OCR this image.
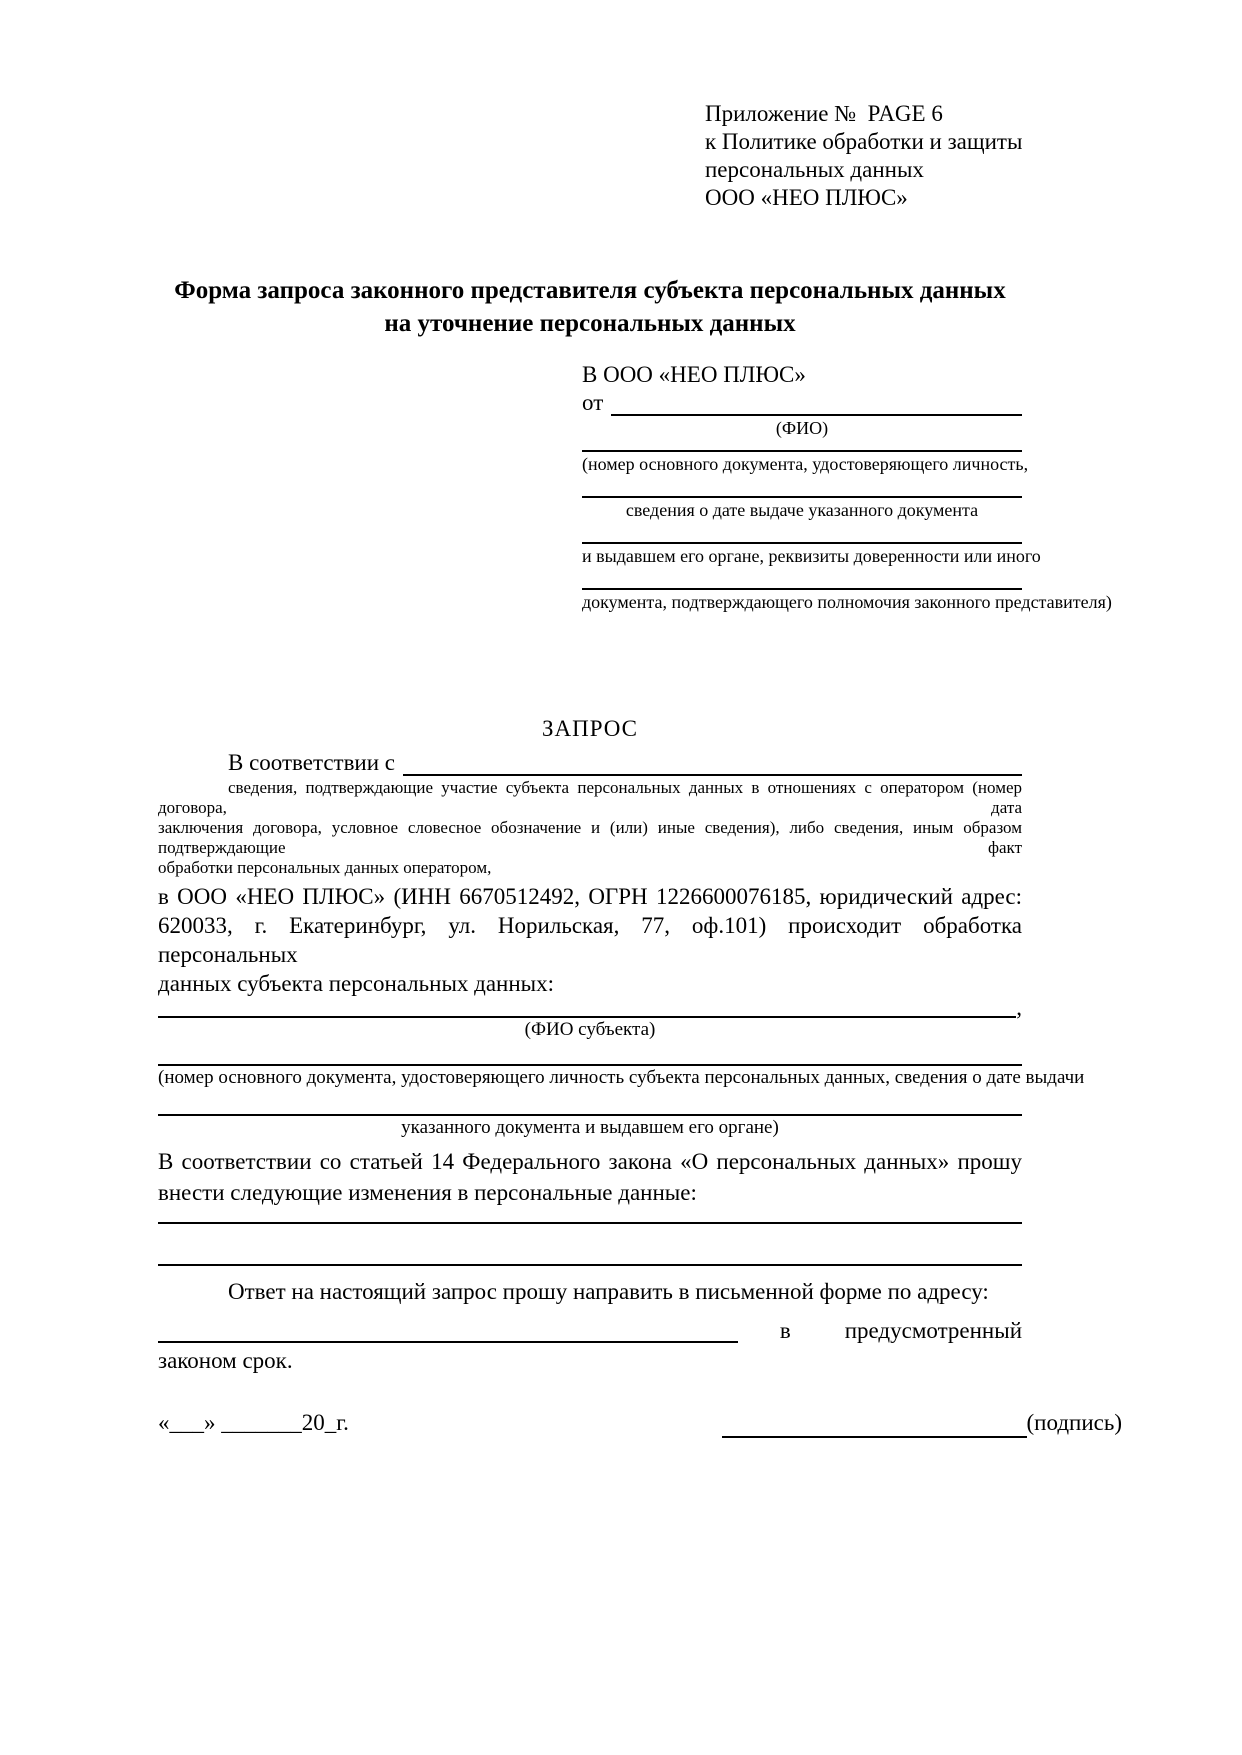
Приложение №  PAGE 6
к Политике обработки и защиты
персональных данных
ООО «НЕО ПЛЮС»
Форма запроса законного представителя субъекта персональных данных
на уточнение персональных данных
В ООО «НЕО ПЛЮС»
от
(ФИО)
(номер основного документа, удостоверяющего личность,
сведения о дате выдаче указанного документа
и выдавшем его органе, реквизиты доверенности или иного
документа, подтверждающего полномочия законного представителя)
ЗАПРОС
В соответствии с
сведения, подтверждающие участие субъекта персональных данных в отношениях с оператором (номер договора, дата
заключения договора, условное словесное обозначение и (или) иные сведения), либо сведения, иным образом подтверждающие факт
обработки персональных данных оператором,
в ООО «НЕО ПЛЮС» (ИНН 6670512492, ОГРН 1226600076185, юридический адрес:
620033, г. Екатеринбург, ул. Норильская, 77, оф.101) происходит обработка персональных
данных субъекта персональных данных:
,
(ФИО субъекта)
(номер основного документа, удостоверяющего личность субъекта персональных данных, сведения о дате выдачи
указанного документа и выдавшем его органе)
В соответствии со статьей 14 Федерального закона «О персональных данных» прошу
внести следующие изменения в персональные данные:
Ответ на настоящий запрос прошу направить в письменной форме по адресу:
в предусмотренный
законом срок.
«___» _______20_г.	(подпись)
